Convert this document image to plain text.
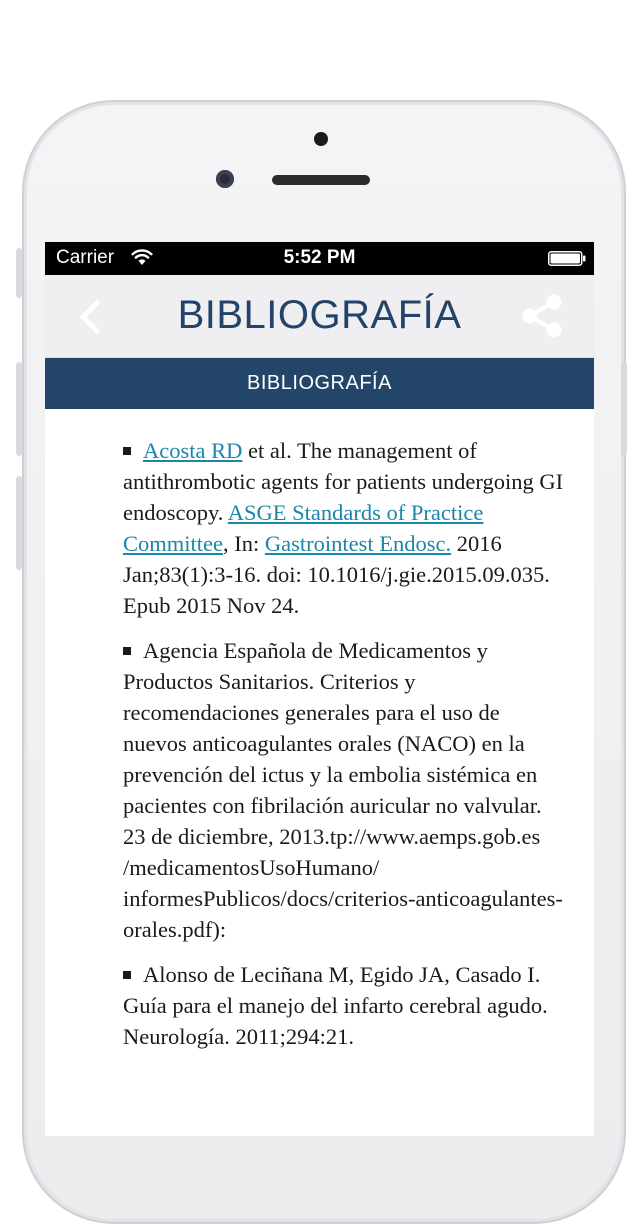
Carrier	5:52 PM
BIBLIOGRAFÍA
BIBLIOGRAFÍA

Acosta RD et al. The management of antithrombotic agents for patients undergoing GI endoscopy. ASGE Standards of Practice Committee, In: Gastrointest Endosc. 2016 Jan;83(1):3-16. doi: 10.1016/j.gie.2015.09.035. Epub 2015 Nov 24.

Agencia Española de Medicamentos y Productos Sanitarios. Criterios y recomendaciones generales para el uso de nuevos anticoagulantes orales (NACO) en la prevención del ictus y la embolia sistémica en pacientes con fibrilación auricular no valvular. 23 de diciembre, 2013.tp://www.aemps.gob.es /medicamentosUsoHumano/ informesPublicos/docs/criterios-anticoagulantes- orales.pdf):

Alonso de Leciñana M, Egido JA, Casado I. Guía para el manejo del infarto cerebral agudo. Neurología. 2011;294:21.
